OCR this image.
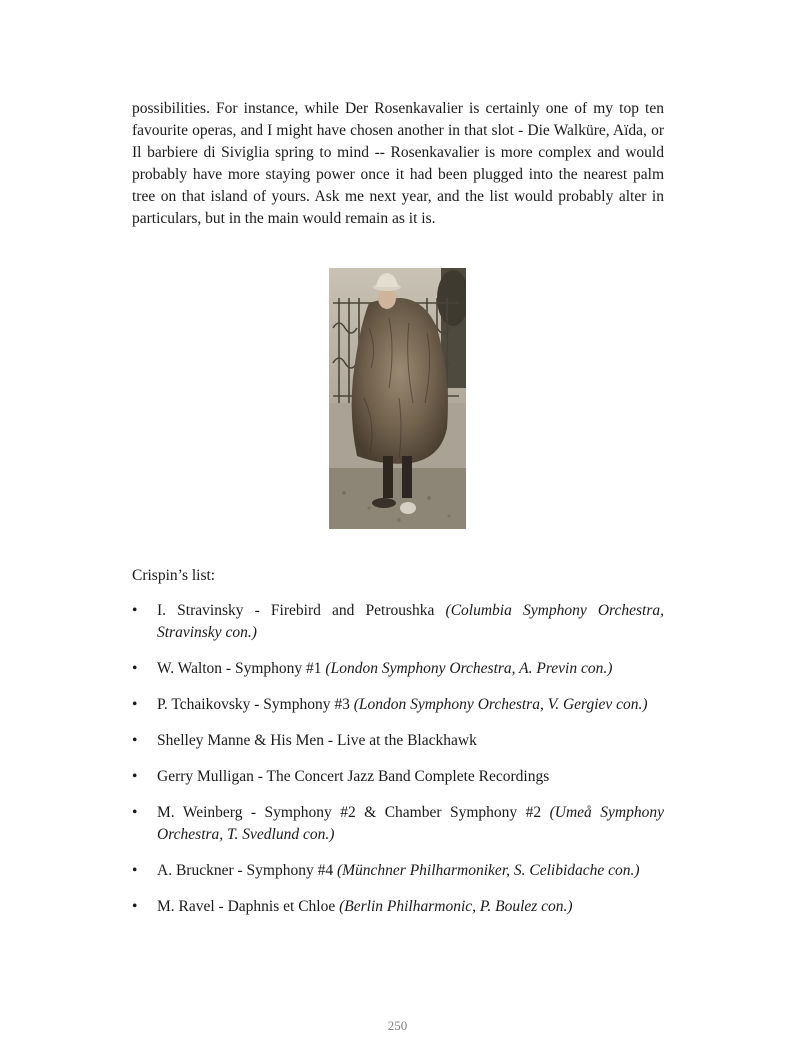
possibilities. For instance, while Der Rosenkavalier is certainly one of my top ten favourite operas, and I might have chosen another in that slot - Die Walküre, Aïda, or Il barbiere di Siviglia spring to mind -- Rosenkavalier is more complex and would probably have more staying power once it had been plugged into the nearest palm tree on that island of yours. Ask me next year, and the list would probably alter in particulars, but in the main would remain as it is.

Crispin’s list:

• I. Stravinsky - Firebird and Petroushka (Columbia Symphony Orchestra, Stravinsky con.)
• W. Walton - Symphony #1 (London Symphony Orchestra, A. Previn con.)
• P. Tchaikovsky - Symphony #3 (London Symphony Orchestra, V. Gergiev con.)
• Shelley Manne & His Men - Live at the Blackhawk
• Gerry Mulligan - The Concert Jazz Band Complete Recordings
• M. Weinberg - Symphony #2 & Chamber Symphony #2 (Umeå Symphony Orchestra, T. Svedlund con.)
• A. Bruckner - Symphony #4 (Münchner Philharmoniker, S. Celibidache con.)
• M. Ravel - Daphnis et Chloe (Berlin Philharmonic, P. Boulez con.)
250
